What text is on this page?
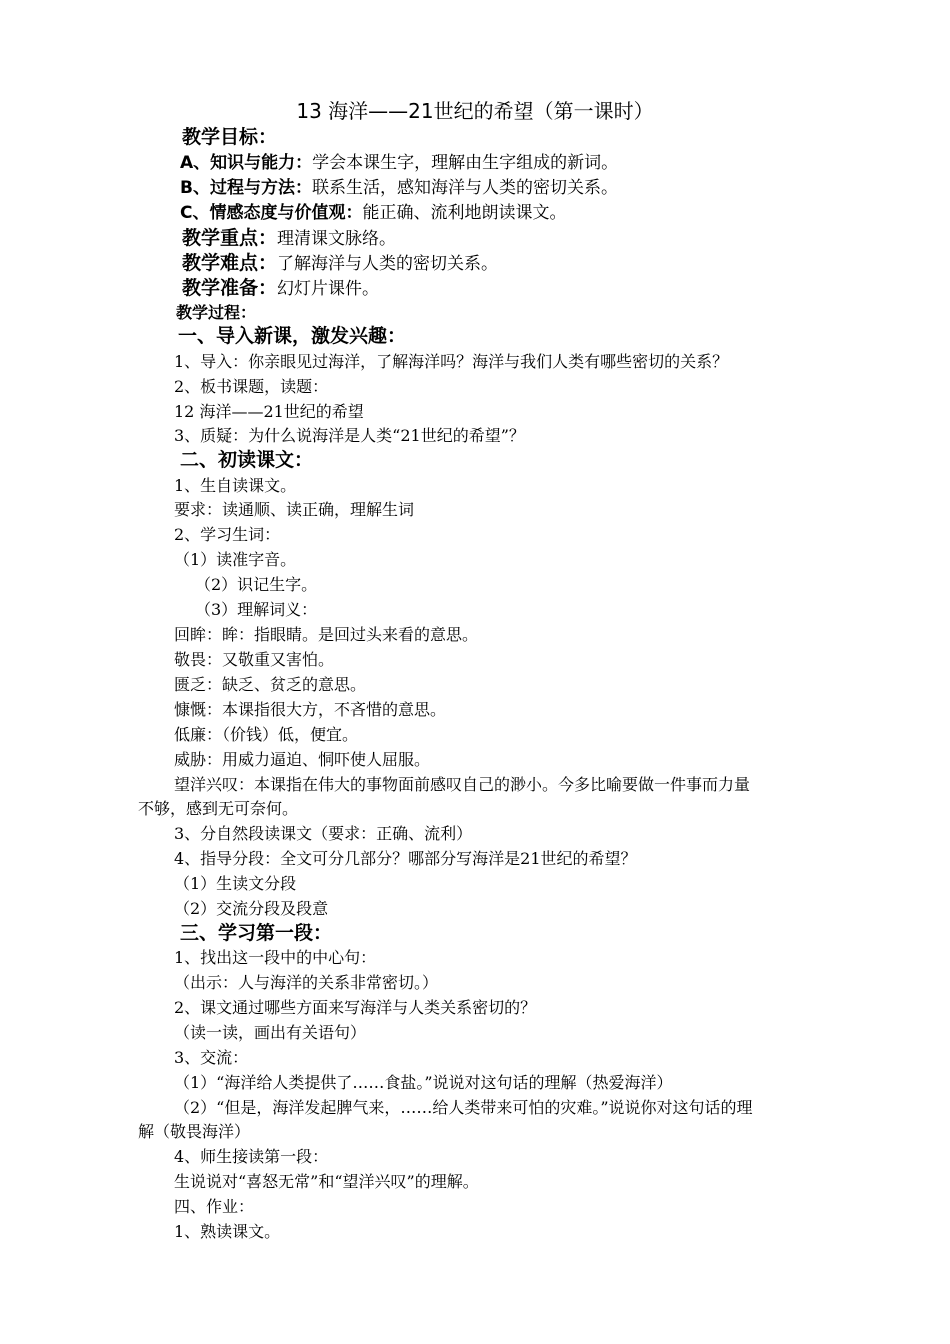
13 海洋——21世纪的希望（第一课时）
教学目标：
A、知识与能力：学会本课生字，理解由生字组成的新词。
B、过程与方法：联系生活，感知海洋与人类的密切关系。
C、情感态度与价值观：能正确、流利地朗读课文。
教学重点：理清课文脉络。
教学难点：了解海洋与人类的密切关系。
教学准备：幻灯片课件。
教学过程：
一、导入新课，激发兴趣：
1、导入：你亲眼见过海洋，了解海洋吗？海洋与我们人类有哪些密切的关系？
2、板书课题，读题：
12 海洋——21世纪的希望
3、质疑：为什么说海洋是人类“21世纪的希望”？
二、初读课文：
1、生自读课文。
要求：读通顺、读正确，理解生词
2、学习生词：
（1）读准字音。
（2）识记生字。
（3）理解词义：
回眸：眸：指眼睛。是回过头来看的意思。
敬畏：又敬重又害怕。
匮乏：缺乏、贫乏的意思。
慷慨：本课指很大方，不吝惜的意思。
低廉：（价钱）低，便宜。
威胁：用威力逼迫、恫吓使人屈服。
望洋兴叹：本课指在伟大的事物面前感叹自己的渺小。今多比喻要做一件事而力量
不够，感到无可奈何。
3、分自然段读课文（要求：正确、流利）
4、指导分段：全文可分几部分？哪部分写海洋是21世纪的希望？
（1）生读文分段
（2）交流分段及段意
三、学习第一段：
1、找出这一段中的中心句：
（出示：人与海洋的关系非常密切。）
2、课文通过哪些方面来写海洋与人类关系密切的？
（读一读，画出有关语句）
3、交流：
（1）“海洋给人类提供了……食盐。”说说对这句话的理解（热爱海洋）
（2）“但是，海洋发起脾气来，……给人类带来可怕的灾难。”说说你对这句话的理
解（敬畏海洋）
4、师生接读第一段：
生说说对“喜怒无常”和“望洋兴叹”的理解。
四、作业：
1、熟读课文。
